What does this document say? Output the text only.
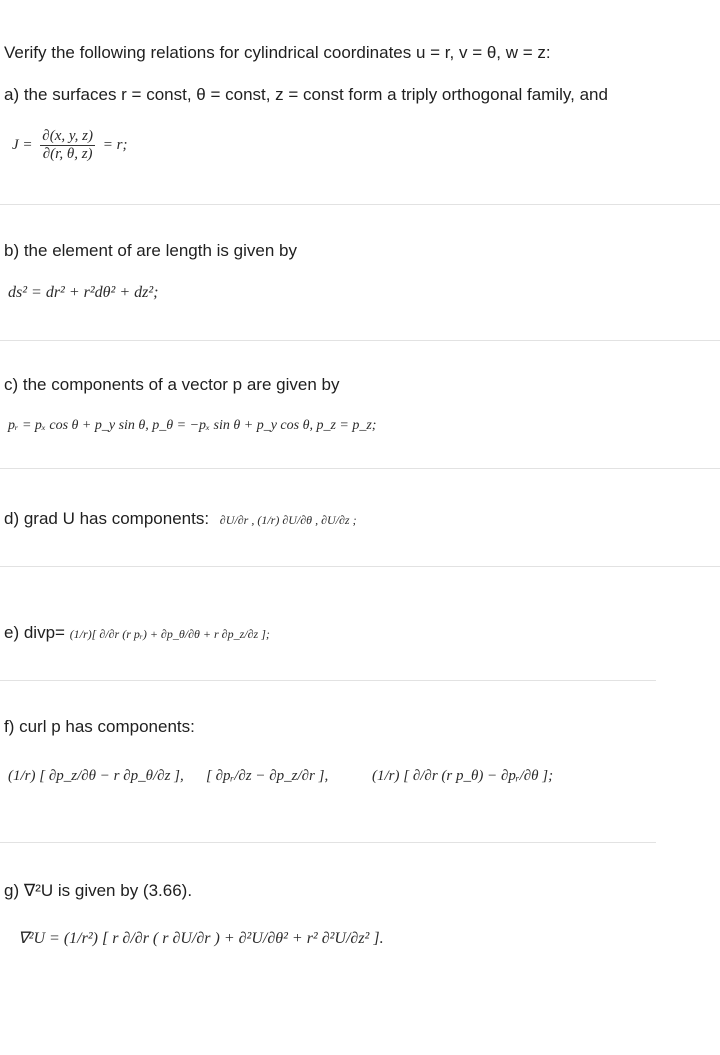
Verify the following relations for cylindrical coordinates u = r, v = θ, w = z:
a) the surfaces r = const, θ = const, z = const form a triply orthogonal family, and
$J = \frac{\partial(x, y, z)}{\partial(r, \theta, z)} = r$;
b) the element of are length is given by
ds² = dr² + r²dθ² + dz²;
c) the components of a vector p are given by
pᵣ = pₓ cos θ + p_y sin θ, p_θ = −pₓ sin θ + p_y cos θ, p_z = p_z;
d) grad U has components: ∂U/∂r , (1/r) ∂U/∂θ , ∂U/∂z ;
e) divp= (1/r)[ ∂/∂r (r pᵣ) + ∂p_θ/∂θ + r ∂p_z/∂z ];
f) curl p has components:
(1/r) [ ∂p_z/∂θ − r ∂p_θ/∂z ], [ ∂pᵣ/∂z − ∂p_z/∂r ],	(1/r) [ ∂/∂r (r p_θ) − ∂pᵣ/∂θ ];
g) ∇²U is given by (3.66).
∇²U = (1/r²) [ r ∂/∂r ( r ∂U/∂r ) + ∂²U/∂θ² + r² ∂²U/∂z² ].
